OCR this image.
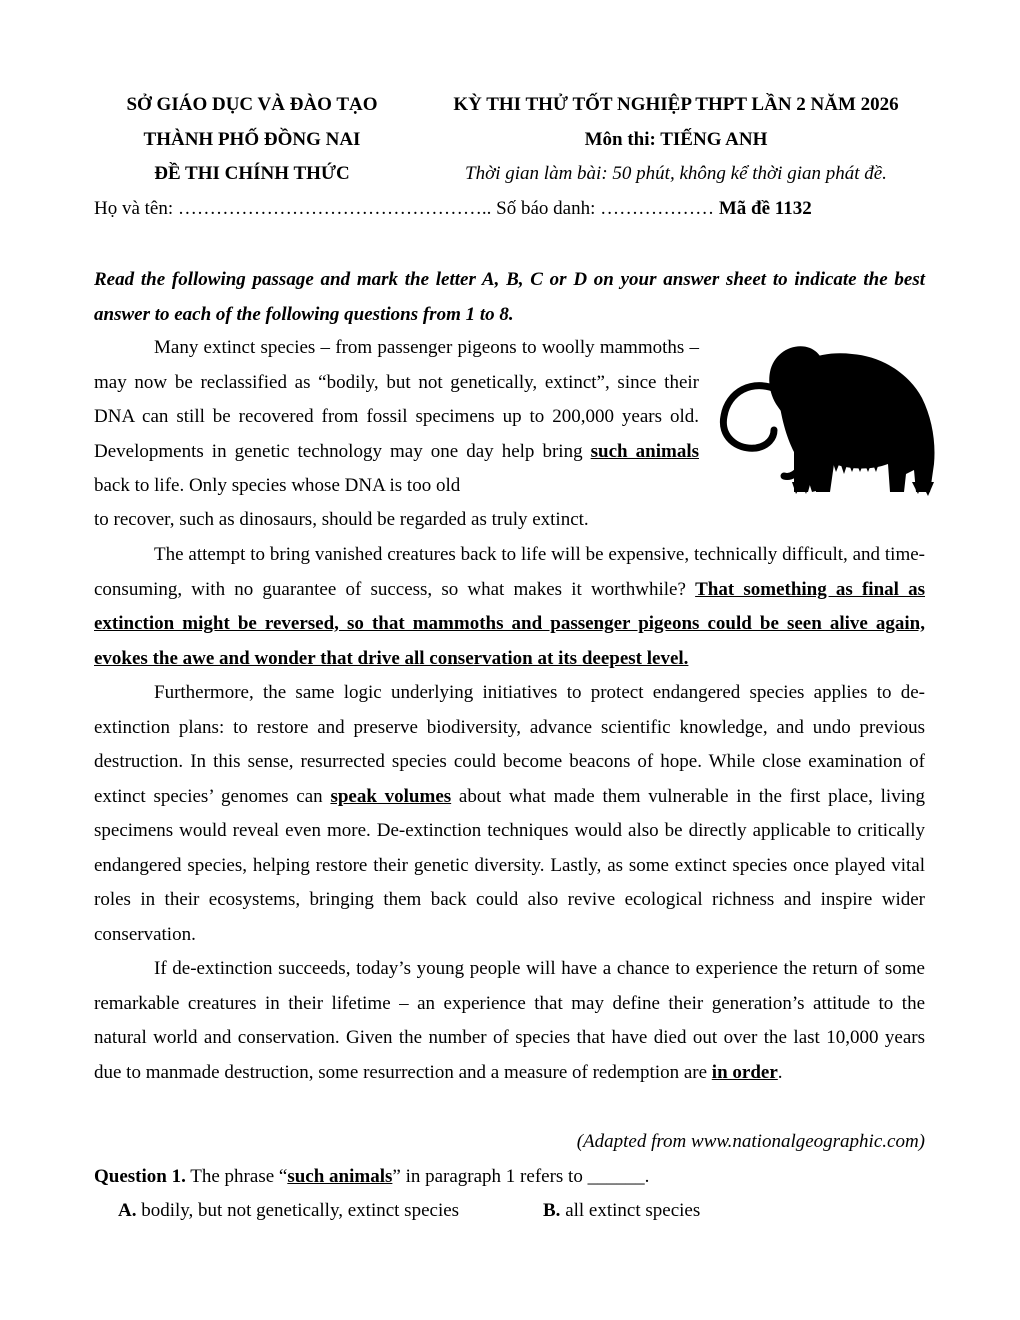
SỞ GIÁO DỤC VÀ ĐÀO TẠO
THÀNH PHỐ ĐỒNG NAI
ĐỀ THI CHÍNH THỨC
KỲ THI THỬ TỐT NGHIỆP THPT LẦN 2 NĂM 2026
Môn thi: TIẾNG ANH
Thời gian làm bài: 50 phút, không kể thời gian phát đề.
Họ và tên: ………………………………………….. Số báo danh: ……………… Mã đề 1132
Read the following passage and mark the letter A, B, C or D on your answer sheet to indicate the best answer to each of the following questions from 1 to 8.

Many extinct species – from passenger pigeons to woolly mammoths – may now be reclassified as “bodily, but not genetically, extinct”, since their DNA can still be recovered from fossil specimens up to 200,000 years old. Developments in genetic technology may one day help bring such animals back to life. Only species whose DNA is too old

to recover, such as dinosaurs, should be regarded as truly extinct.

The attempt to bring vanished creatures back to life will be expensive, technically difficult, and time-consuming, with no guarantee of success, so what makes it worthwhile? That something as final as extinction might be reversed, so that mammoths and passenger pigeons could be seen alive again, evokes the awe and wonder that drive all conservation at its deepest level.

Furthermore, the same logic underlying initiatives to protect endangered species applies to de-extinction plans: to restore and preserve biodiversity, advance scientific knowledge, and undo previous destruction. In this sense, resurrected species could become beacons of hope. While close examination of extinct species’ genomes can speak volumes about what made them vulnerable in the first place, living specimens would reveal even more. De-extinction techniques would also be directly applicable to critically endangered species, helping restore their genetic diversity. Lastly, as some extinct species once played vital roles in their ecosystems, bringing them back could also revive ecological richness and inspire wider conservation.

If de-extinction succeeds, today’s young people will have a chance to experience the return of some remarkable creatures in their lifetime – an experience that may define their generation’s attitude to the natural world and conservation. Given the number of species that have died out over the last 10,000 years due to manmade destruction, some resurrection and a measure of redemption are in order.

(Adapted from www.nationalgeographic.com)
Question 1. The phrase “such animals” in paragraph 1 refers to ______.
A. bodily, but not genetically, extinct species	B. all extinct species
